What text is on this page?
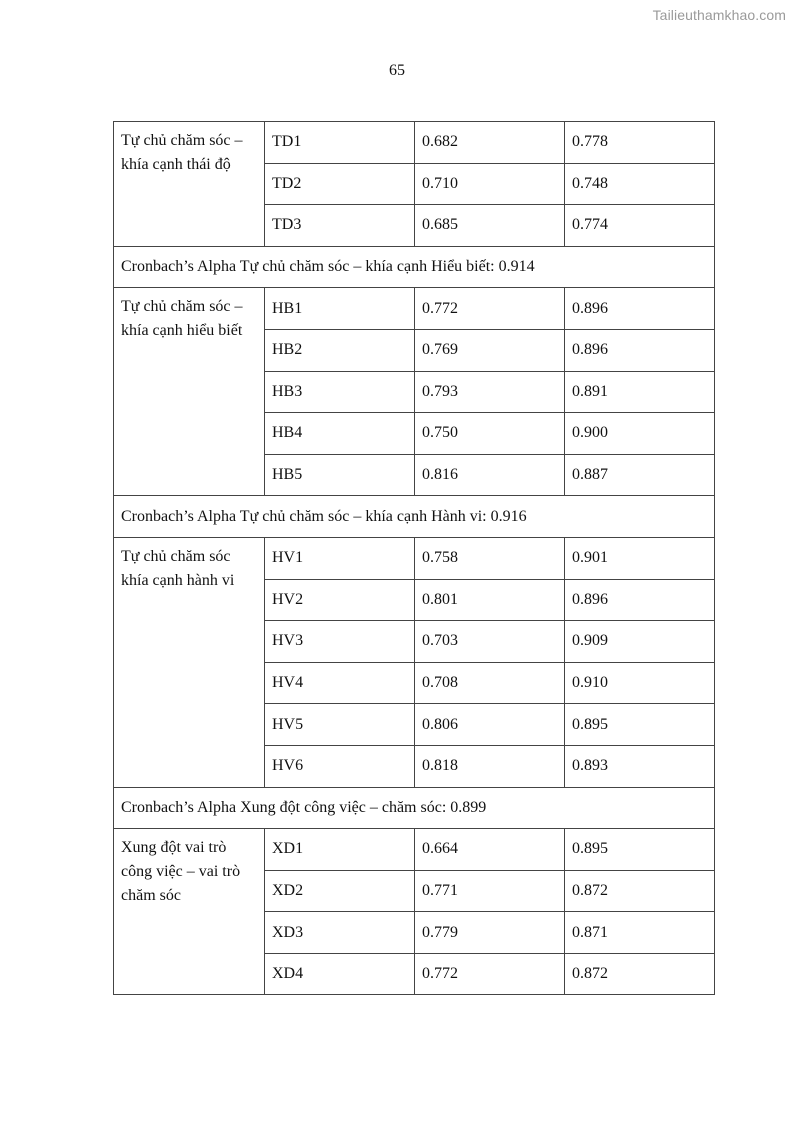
Tailieuthamkhao.com
65
Tự chủ chăm sóc – khía cạnh thái độ	TD1	0.682	0.778
	TD2	0.710	0.748
	TD3	0.685	0.774
Cronbach’s Alpha Tự chủ chăm sóc – khía cạnh Hiểu biết: 0.914			
Tự chủ chăm sóc – khía cạnh hiểu biết	HB1	0.772	0.896
	HB2	0.769	0.896
	HB3	0.793	0.891
	HB4	0.750	0.900
	HB5	0.816	0.887
Cronbach’s Alpha Tự chủ chăm sóc – khía cạnh Hành vi: 0.916			
Tự chủ chăm sóc khía cạnh hành vi	HV1	0.758	0.901
	HV2	0.801	0.896
	HV3	0.703	0.909
	HV4	0.708	0.910
	HV5	0.806	0.895
	HV6	0.818	0.893
Cronbach’s Alpha Xung đột công việc – chăm sóc: 0.899			
Xung đột vai trò công việc – vai trò chăm sóc	XD1	0.664	0.895
	XD2	0.771	0.872
	XD3	0.779	0.871
	XD4	0.772	0.872
